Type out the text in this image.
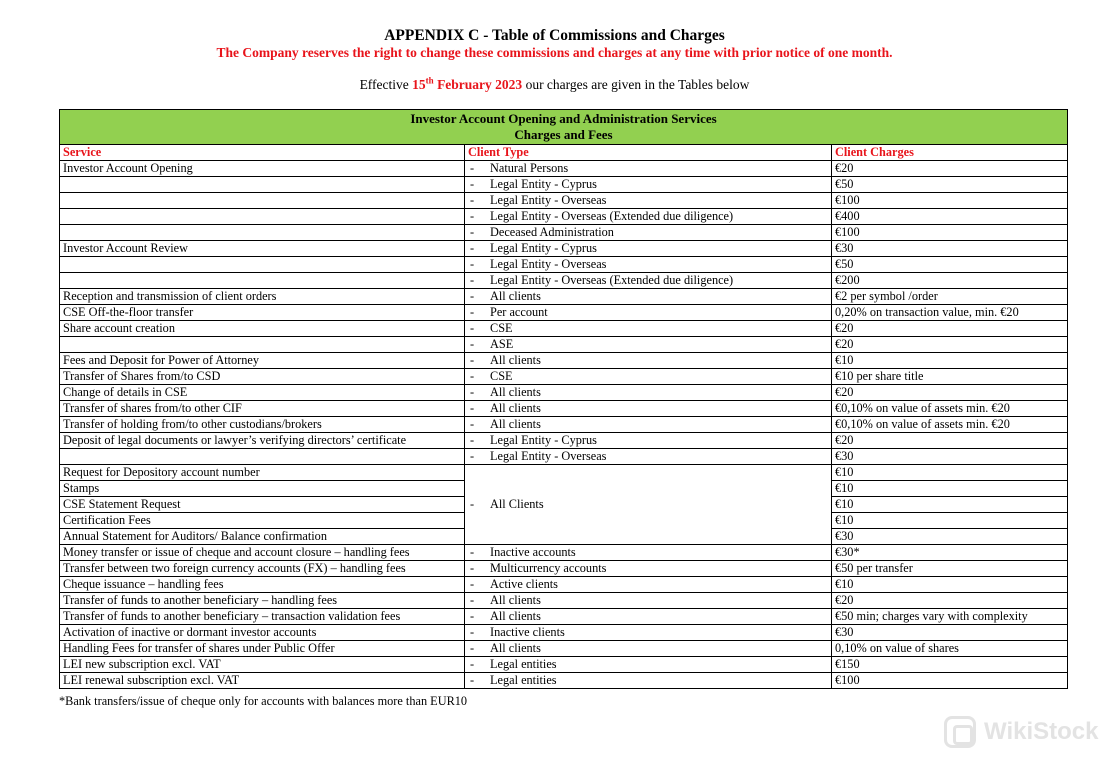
APPENDIX C - Table of Commissions and Charges
The Company reserves the right to change these commissions and charges at any time with prior notice of one month.
Effective 15th February 2023 our charges are given in the Tables below
Investor Account Opening and Administration Services
Charges and Fees		

Service	Client Type	Client Charges
Investor Account Opening	- Natural Persons	€20
	- Legal Entity - Cyprus	€50
	- Legal Entity - Overseas	€100
	- Legal Entity - Overseas (Extended due diligence)	€400
	- Deceased Administration	€100
Investor Account Review	- Legal Entity - Cyprus	€30
	- Legal Entity - Overseas	€50
	- Legal Entity - Overseas (Extended due diligence)	€200
Reception and transmission of client orders	- All clients	€2 per symbol /order
CSE Off-the-floor transfer	- Per account	0,20% on transaction value, min. €20
Share account creation	- CSE	€20
	- ASE	€20
Fees and Deposit for Power of Attorney	- All clients	€10
Transfer of Shares from/to CSD	- CSE	€10 per share title
Change of details in CSE	- All clients	€20
Transfer of shares from/to other CIF	- All clients	€0,10% on value of assets min. €20
Transfer of holding from/to other custodians/brokers	- All clients	€0,10% on value of assets min. €20
Deposit of legal documents or lawyer’s verifying directors’ certificate	- Legal Entity - Cyprus	€20
	- Legal Entity - Overseas	€30
Request for Depository account number	- All Clients	€10
Stamps		€10
CSE Statement Request		€10
Certification Fees		€10
Annual Statement for Auditors/ Balance confirmation		€30
Money transfer or issue of cheque and account closure – handling fees	- Inactive accounts	€30*
Transfer between two foreign currency accounts (FX) – handling fees	- Multicurrency accounts	€50 per transfer
Cheque issuance – handling fees	- Active clients	€10
Transfer of funds to another beneficiary – handling fees	- All clients	€20
Transfer of funds to another beneficiary – transaction validation fees	- All clients	€50 min; charges vary with complexity
Activation of inactive or dormant investor accounts	- Inactive clients	€30
Handling Fees for transfer of shares under Public Offer	- All clients	0,10% on value of shares
LEI new subscription excl. VAT	- Legal entities	€150
LEI renewal subscription excl. VAT	- Legal entities	€100
*Bank transfers/issue of cheque only for accounts with balances more than EUR10
WikiStock
